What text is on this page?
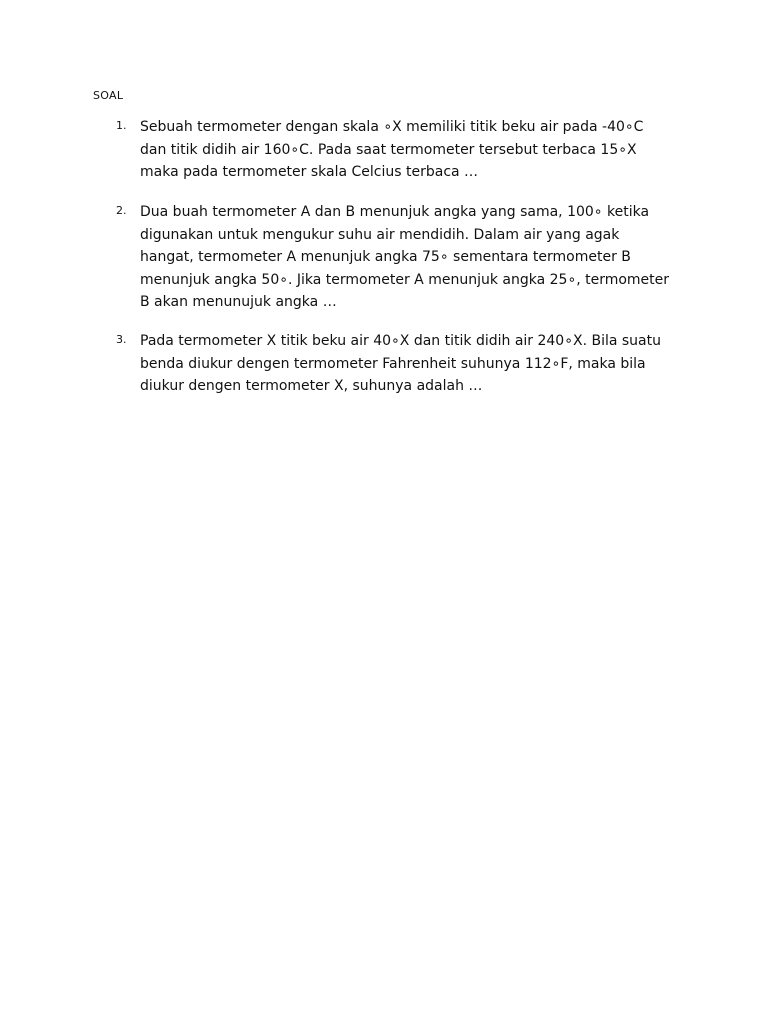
SOAL
1. Sebuah termometer dengan skala ∘X memiliki titik beku air pada -40∘C dan titik didih air 160∘C. Pada saat termometer tersebut terbaca 15∘X maka pada termometer skala Celcius terbaca …

2. Dua buah termometer A dan B menunjuk angka yang sama, 100∘ ketika digunakan untuk mengukur suhu air mendidih. Dalam air yang agak hangat, termometer A menunjuk angka 75∘ sementara termometer B menunjuk angka 50∘. Jika termometer A menunjuk angka 25∘, termometer B akan menunujuk angka …

3. Pada termometer X titik beku air 40∘X dan titik didih air 240∘X. Bila suatu benda diukur dengen termometer Fahrenheit suhunya 112∘F, maka bila diukur dengen termometer X, suhunya adalah …
